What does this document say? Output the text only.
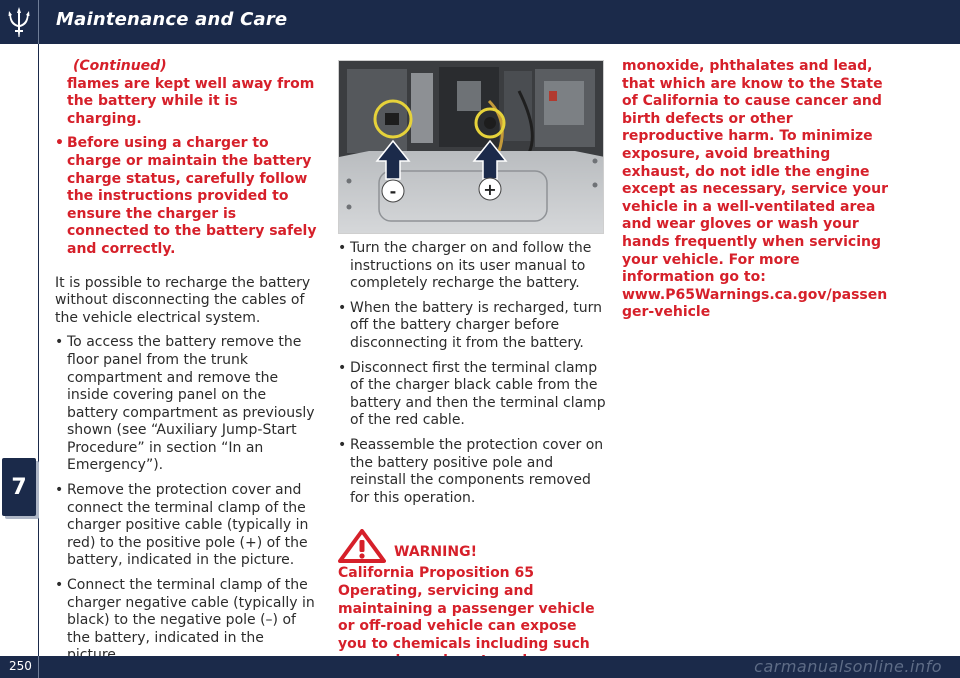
Maintenance and Care
7

(Continued)

flames are kept well away from the battery while it is charging.

• Before using a charger to charge or maintain the battery charge status, carefully follow the instructions provided to ensure the charger is connected to the battery safely and correctly.

It is possible to recharge the battery without disconnecting the cables of the vehicle electrical system.

• To access the battery remove the floor panel from the trunk compartment and remove the inside covering panel on the battery compartment as previously shown (see “Auxiliary Jump-Start Procedure” in section “In an Emergency”).

• Remove the protection cover and connect the terminal clamp of the charger positive cable (typically in red) to the positive pole (+) of the battery, indicated in the picture.

• Connect the terminal clamp of the charger negative cable (typically in black) to the negative pole (–) of the battery, indicated in the

-	+

• Turn the charger on and follow the instructions on its user manual to completely recharge the battery.

• When the battery is recharged, turn off the battery charger before disconnecting it from the battery.

• Disconnect first the terminal clamp of the charger black cable from the battery and then the terminal clamp of the red cable.

• Reassemble the protection cover on the battery positive pole and reinstall the components removed for this operation.

WARNING!

California Proposition 65

Operating, servicing and maintaining a passenger vehicle or off-road vehicle can expose you to chemicals including such

monoxide, phthalates and lead, that which are know to the State of California to cause cancer and birth defects or other reproductive harm. To minimize exposure, avoid breathing exhaust, do not idle the engine except as necessary, service your vehicle in a well-ventilated area and wear gloves or wash your hands frequently when servicing your vehicle. For more information go to: www.P65Warnings.ca.gov/passenger-vehicle

250	carmanualsonline.info
